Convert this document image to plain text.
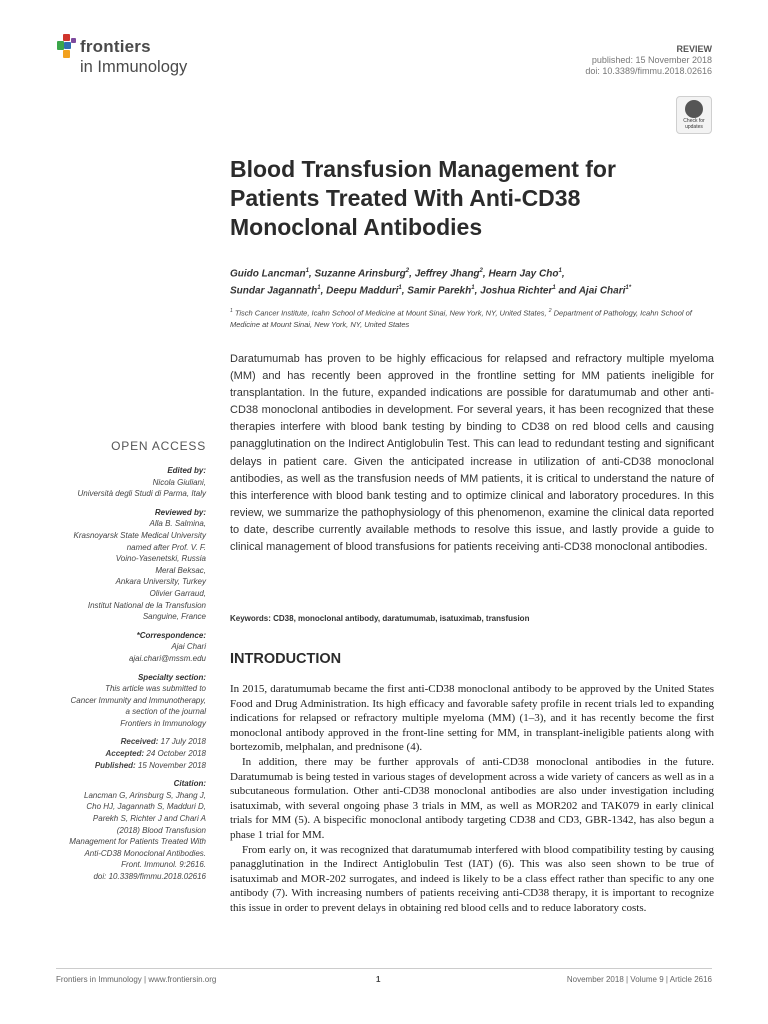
frontiers
in Immunology
REVIEW
published: 15 November 2018
doi: 10.3389/fimmu.2018.02616
Check for updates
Blood Transfusion Management for Patients Treated With Anti-CD38 Monoclonal Antibodies
Guido Lancman$^1$, Suzanne Arinsburg$^2$, Jeffrey Jhang$^2$, Hearn Jay Cho$^1$,
Sundar Jagannath$^1$, Deepu Madduri$^1$, Samir Parekh$^1$, Joshua Richter$^1$ and Ajai Chari$^{1*}$
$^1$ Tisch Cancer Institute, Icahn School of Medicine at Mount Sinai, New York, NY, United States, $^2$ Department of Pathology, Icahn School of Medicine at Mount Sinai, New York, NY, United States
Daratumumab has proven to be highly efficacious for relapsed and refractory multiple myeloma (MM) and has recently been approved in the frontline setting for MM patients ineligible for transplantation. In the future, expanded indications are possible for daratumumab and other anti-CD38 monoclonal antibodies in development. For several years, it has been recognized that these therapies interfere with blood bank testing by binding to CD38 on red blood cells and causing panagglutination on the Indirect Antiglobulin Test. This can lead to redundant testing and significant delays in patient care. Given the anticipated increase in utilization of anti-CD38 monoclonal antibodies, as well as the transfusion needs of MM patients, it is critical to understand the nature of this interference with blood bank testing and to optimize clinical and laboratory procedures. In this review, we summarize the pathophysiology of this phenomenon, examine the clinical data reported to date, describe currently available methods to resolve this issue, and lastly provide a guide to clinical management of blood transfusions for patients receiving anti-CD38 monoclonal antibodies.
Keywords: CD38, monoclonal antibody, daratumumab, isatuximab, transfusion
INTRODUCTION

In 2015, daratumumab became the first anti-CD38 monoclonal antibody to be approved by the United States Food and Drug Administration. Its high efficacy and favorable safety profile in recent trials led to expanding indications for relapsed or refractory multiple myeloma (MM) (1–3), and it has recently become the first monoclonal antibody approved in the front-line setting for MM, in transplant-ineligible patients along with bortezomib, melphalan, and prednisone (4).

In addition, there may be further approvals of anti-CD38 monoclonal antibodies in the future. Daratumumab is being tested in various stages of development across a wide variety of cancers as well as in a subcutaneous formulation. Other anti-CD38 monoclonal antibodies are also under investigation including isatuximab, with several ongoing phase 3 trials in MM, as well as MOR202 and TAK079 in early clinical trials for MM (5). A bispecific monoclonal antibody targeting CD38 and CD3, GBR-1342, has also begun a phase 1 trial for MM.

From early on, it was recognized that daratumumab interfered with blood compatibility testing by causing panagglutination in the Indirect Antiglobulin Test (IAT) (6). This was also seen shown to be true of isatuximab and MOR-202 surrogates, and indeed is likely to be a class effect rather than specific to any one antibody (7). With increasing numbers of patients receiving anti-CD38 therapy, it is important to recognize this issue in order to prevent delays in obtaining red blood cells and to reduce laboratory costs.

OPEN ACCESS
Edited by:
Nicola Giuliani,
Università degli Studi di Parma, Italy
Reviewed by:
Alla B. Salmina,
Krasnoyarsk State Medical University
named after Prof. V. F.
Voino-Yasenetski, Russia
Meral Beksac,
Ankara University, Turkey
Olivier Garraud,
Institut National de la Transfusion
Sanguine, France
*Correspondence:
Ajai Chari
ajai.chari@mssm.edu
Specialty section:
This article was submitted to
Cancer Immunity and Immunotherapy,
a section of the journal
Frontiers in Immunology
Received: 17 July 2018
Accepted: 24 October 2018
Published: 15 November 2018
Citation:
Lancman G, Arinsburg S, Jhang J,
Cho HJ, Jagannath S, Madduri D,
Parekh S, Richter J and Chari A
(2018) Blood Transfusion
Management for Patients Treated With
Anti-CD38 Monoclonal Antibodies.
Front. Immunol. 9:2616.
doi: 10.3389/fimmu.2018.02616
Frontiers in Immunology | www.frontiersin.org	1	November 2018 | Volume 9 | Article 2616
